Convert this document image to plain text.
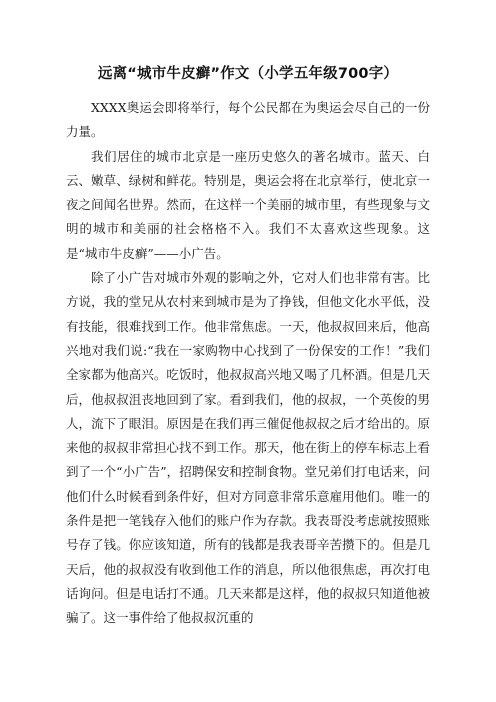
远离“城市牛皮癣”作文（小学五年级700字）

XXXX奥运会即将举行，每个公民都在为奥运会尽自己的一份力量。

我们居住的城市北京是一座历史悠久的著名城市。蓝天、白云、嫩草、绿树和鲜花。特别是，奥运会将在北京举行，使北京一夜之间闻名世界。然而，在这样一个美丽的城市里，有些现象与文明的城市和美丽的社会格格不入。我们不太喜欢这些现象。这是“城市牛皮癣”——小广告。

除了小广告对城市外观的影响之外，它对人们也非常有害。比方说，我的堂兄从农村来到城市是为了挣钱，但他文化水平低，没有技能，很难找到工作。他非常焦虑。一天，他叔叔回来后，他高兴地对我们说:“我在一家购物中心找到了一份保安的工作！”我们全家都为他高兴。吃饭时，他叔叔高兴地又喝了几杯酒。但是几天后，他叔叔沮丧地回到了家。看到我们，他的叔叔，一个英俊的男人，流下了眼泪。原因是在我们再三催促他叔叔之后才给出的。原来他的叔叔非常担心找不到工作。那天，他在街上的停车标志上看到了一个“小广告”，招聘保安和控制食物。堂兄弟们打电话来，问他们什么时候看到条件好，但对方同意非常乐意雇用他们。唯一的条件是把一笔钱存入他们的账户作为存款。我表哥没考虑就按照账号存了钱。你应该知道，所有的钱都是我表哥辛苦攒下的。但是几天后，他的叔叔没有收到他工作的消息，所以他很焦虑，再次打电话询问。但是电话打不通。几天来都是这样，他的叔叔只知道他被骗了。这一事件给了他叔叔沉重的
